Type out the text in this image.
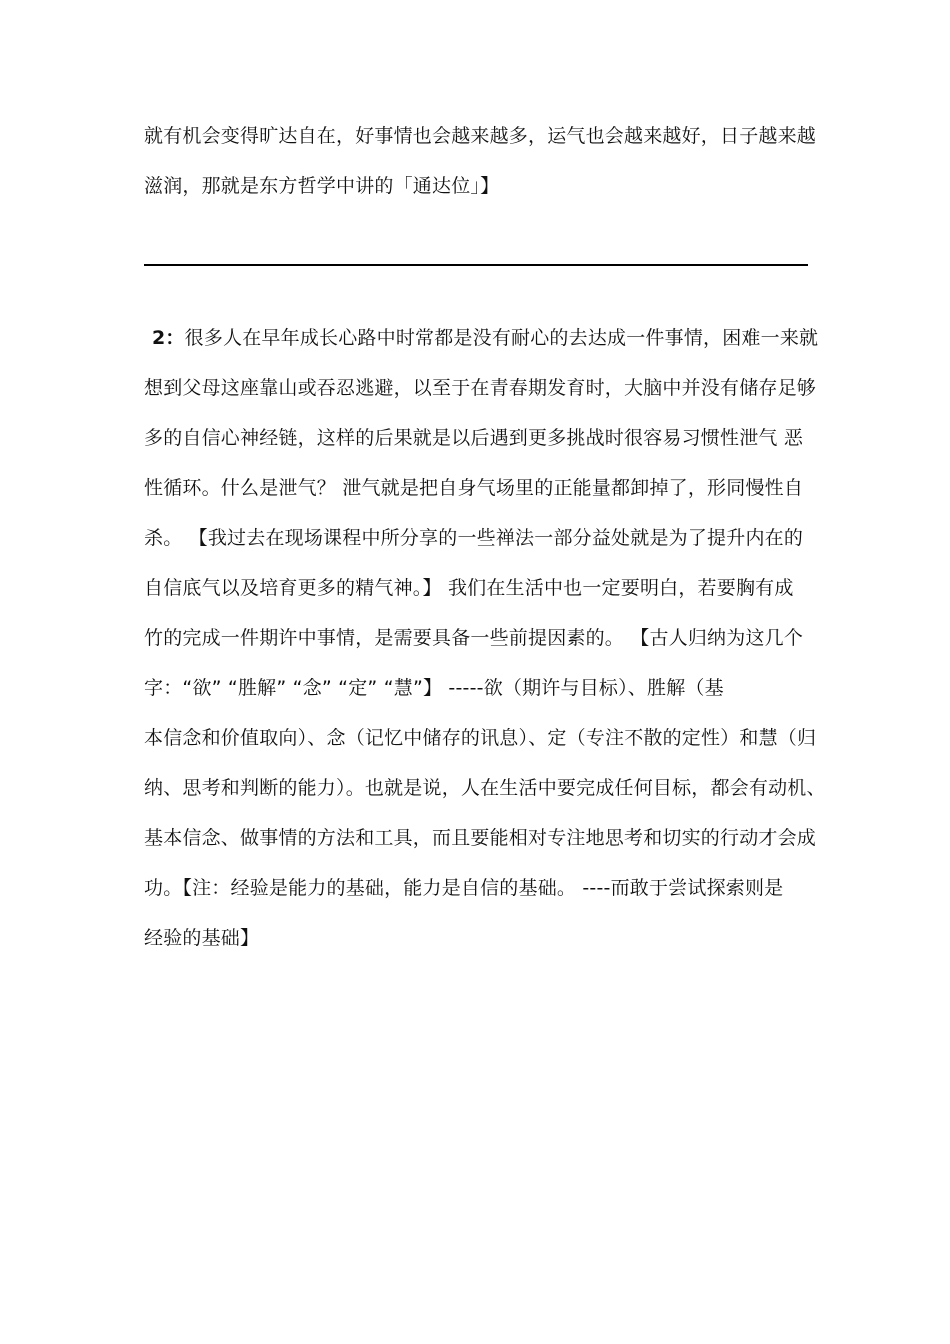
就有机会变得旷达自在，好事情也会越来越多，运气也会越来越好，日子越来越
滋润，那就是东方哲学中讲的「通达位」】
2：很多人在早年成长心路中时常都是没有耐心的去达成一件事情，困难一来就
想到父母这座靠山或吞忍逃避，以至于在青春期发育时，大脑中并没有储存足够
多的自信心神经链，这样的后果就是以后遇到更多挑战时很容易习惯性泄气 恶
性循环。什么是泄气？ 泄气就是把自身气场里的正能量都卸掉了，形同慢性自
杀。 【我过去在现场课程中所分享的一些禅法一部分益处就是为了提升内在的
自信底气以及培育更多的精气神。】 我们在生活中也一定要明白，若要胸有成
竹的完成一件期许中事情，是需要具备一些前提因素的。 【古人归纳为这几个
字：“欲” “胜解” “念” “定” “慧”】 -----欲（期许与目标）、胜解（基
本信念和价值取向）、念（记忆中储存的讯息）、定（专注不散的定性）和慧（归
纳、思考和判断的能力）。也就是说，人在生活中要完成任何目标，都会有动机、
基本信念、做事情的方法和工具，而且要能相对专注地思考和切实的行动才会成
功。【注：经验是能力的基础，能力是自信的基础。 ----而敢于尝试探索则是
经验的基础】
